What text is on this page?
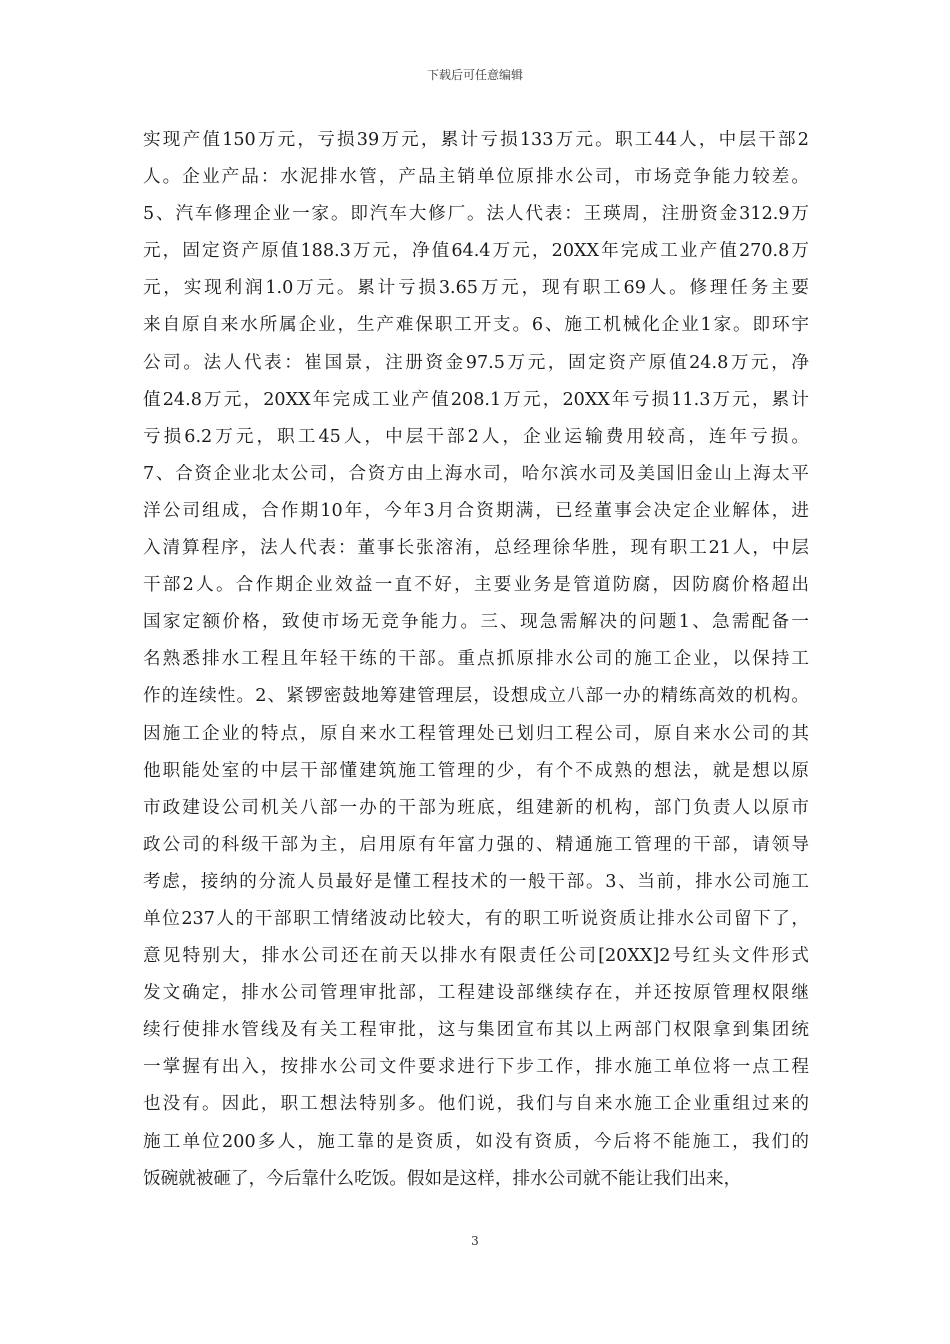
下载后可任意编辑
实现产值150万元，亏损39万元，累计亏损133万元。职工44人，中层干部2
人。企业产品：水泥排水管，产品主销单位原排水公司，市场竞争能力较差。
5、汽车修理企业一家。即汽车大修厂。法人代表：王瑛周，注册资金312.9万
元，固定资产原值188.3万元，净值64.4万元，20XX年完成工业产值270.8万
元，实现利润1.0万元。累计亏损3.65万元，现有职工69人。修理任务主要
来自原自来水所属企业，生产难保职工开支。6、施工机械化企业1家。即环宇
公司。法人代表：崔国景，注册资金97.5万元，固定资产原值24.8万元，净
值24.8万元，20XX年完成工业产值208.1万元，20XX年亏损11.3万元，累计
亏损6.2万元，职工45人，中层干部2人，企业运输费用较高，连年亏损。
7、合资企业北太公司，合资方由上海水司，哈尔滨水司及美国旧金山上海太平
洋公司组成，合作期10年，今年3月合资期满，已经董事会决定企业解体，进
入清算程序，法人代表：董事长张溶洧，总经理徐华胜，现有职工21人，中层
干部2人。合作期企业效益一直不好，主要业务是管道防腐，因防腐价格超出
国家定额价格，致使市场无竞争能力。三、现急需解决的问题1、急需配备一
名熟悉排水工程且年轻干练的干部。重点抓原排水公司的施工企业，以保持工
作的连续性。2、紧锣密鼓地筹建管理层，设想成立八部一办的精练高效的机构。
因施工企业的特点，原自来水工程管理处已划归工程公司，原自来水公司的其
他职能处室的中层干部懂建筑施工管理的少，有个不成熟的想法，就是想以原
市政建设公司机关八部一办的干部为班底，组建新的机构，部门负责人以原市
政公司的科级干部为主，启用原有年富力强的、精通施工管理的干部，请领导
考虑，接纳的分流人员最好是懂工程技术的一般干部。3、当前，排水公司施工
单位237人的干部职工情绪波动比较大，有的职工听说资质让排水公司留下了，
意见特别大，排水公司还在前天以排水有限责任公司[20XX]2号红头文件形式
发文确定，排水公司管理审批部，工程建设部继续存在，并还按原管理权限继
续行使排水管线及有关工程审批，这与集团宣布其以上两部门权限拿到集团统
一掌握有出入，按排水公司文件要求进行下步工作，排水施工单位将一点工程
也没有。因此，职工想法特别多。他们说，我们与自来水施工企业重组过来的
施工单位200多人，施工靠的是资质，如没有资质，今后将不能施工，我们的
饭碗就被砸了，今后靠什么吃饭。假如是这样，排水公司就不能让我们出来，
3
